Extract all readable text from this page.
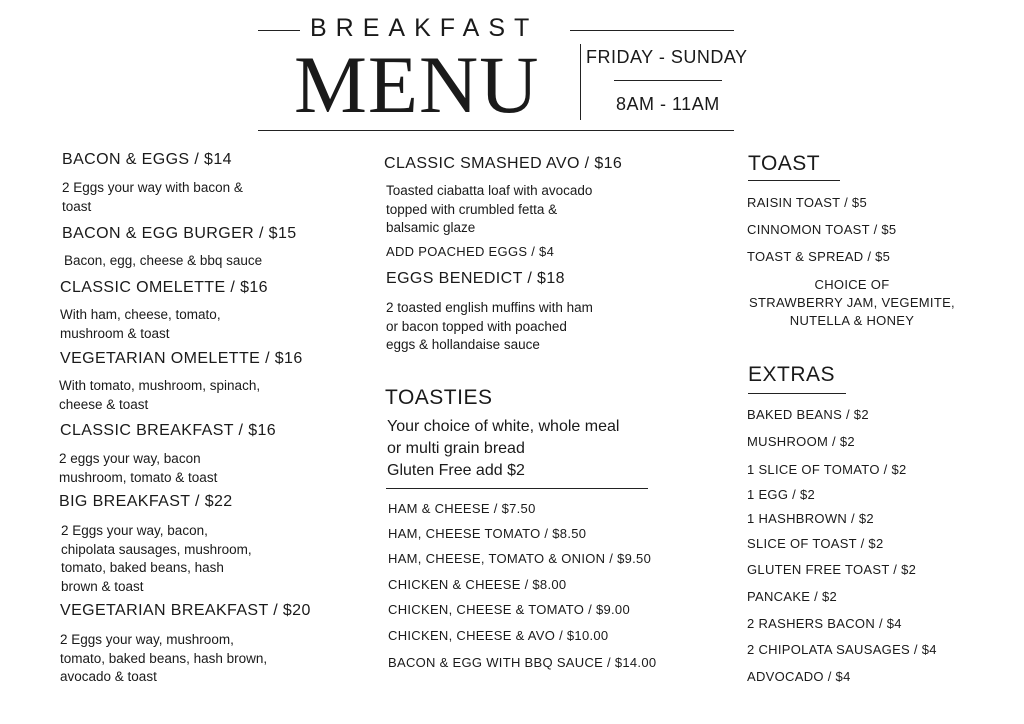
BREAKFAST
MENU	FRIDAY - SUNDAY
8AM - 11AM
BACON & EGGS / $14
2 Eggs your way with bacon &
toast
BACON & EGG BURGER / $15
Bacon, egg, cheese & bbq sauce
CLASSIC OMELETTE / $16
With ham, cheese, tomato,
mushroom & toast
VEGETARIAN OMELETTE / $16
With tomato, mushroom, spinach,
cheese & toast
CLASSIC BREAKFAST / $16
2 eggs your way, bacon
mushroom, tomato & toast
BIG BREAKFAST / $22
2 Eggs your way, bacon,
chipolata sausages, mushroom,
tomato, baked beans, hash
brown & toast
VEGETARIAN BREAKFAST / $20
2 Eggs your way, mushroom,
tomato, baked beans, hash brown,
avocado & toast
CLASSIC SMASHED AVO / $16
Toasted ciabatta loaf with avocado
topped with crumbled fetta &
balsamic glaze
ADD POACHED EGGS / $4
EGGS BENEDICT / $18
2 toasted english muffins with ham
or bacon topped with poached
eggs & hollandaise sauce
TOASTIES
Your choice of white, whole meal
or multi grain bread
Gluten Free add $2
HAM & CHEESE / $7.50
HAM, CHEESE TOMATO / $8.50
HAM, CHEESE, TOMATO & ONION / $9.50
CHICKEN & CHEESE / $8.00
CHICKEN, CHEESE & TOMATO / $9.00
CHICKEN, CHEESE & AVO / $10.00
BACON & EGG WITH BBQ SAUCE / $14.00
TOAST
RAISIN TOAST / $5
CINNOMON TOAST / $5
TOAST & SPREAD / $5
CHOICE OF
STRAWBERRY JAM, VEGEMITE,
NUTELLA & HONEY
EXTRAS
BAKED BEANS / $2
MUSHROOM / $2
1 SLICE OF TOMATO / $2
1 EGG / $2
1 HASHBROWN / $2
SLICE OF TOAST / $2
GLUTEN FREE TOAST / $2
PANCAKE / $2
2 RASHERS BACON / $4
2 CHIPOLATA SAUSAGES / $4
ADVOCADO / $4
